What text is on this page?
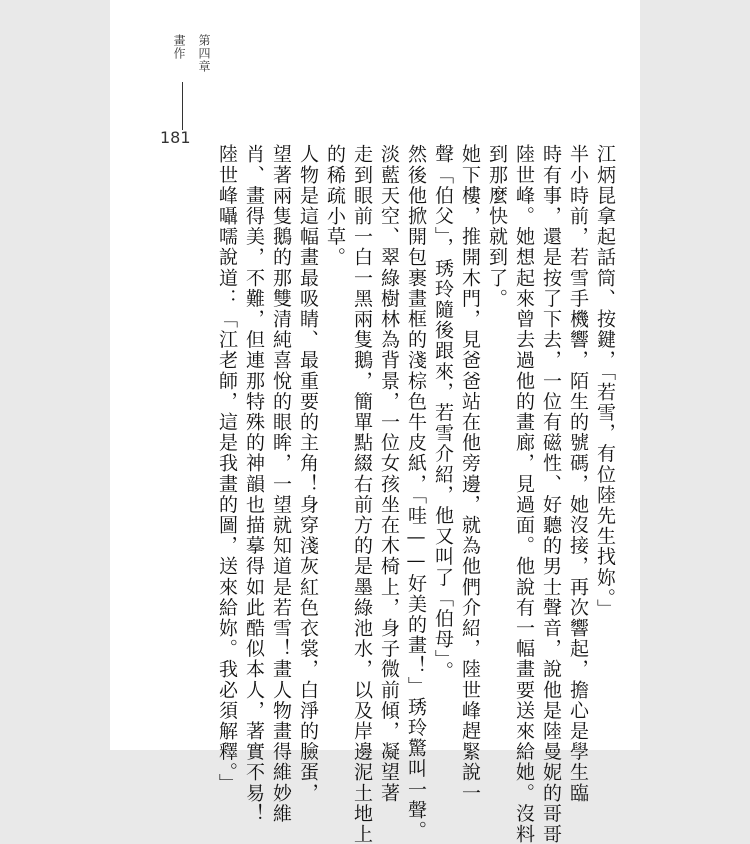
第四章
畫作
181
江炳昆拿起話筒、按鍵，「若雪，有位陸先生找妳。」
半小時前，若雪手機響，陌生的號碼，她沒接，再次響起，擔心是學生臨
時有事，還是按了下去，一位有磁性、好聽的男士聲音，說他是陸曼妮的哥哥
陸世峰。她想起來曾去過他的畫廊，見過面。他說有一幅畫要送來給她。沒料
到那麼快就到了。
她下樓，推開木門，見爸爸站在他旁邊，就為他們介紹，陸世峰趕緊說一
聲「伯父」，琇玲隨後跟來，若雪介紹，他又叫了「伯母」。
然後他掀開包裹畫框的淺棕色牛皮紙，「哇——好美的畫！」琇玲驚叫一聲。
淡藍天空、翠綠樹林為背景，一位女孩坐在木椅上，身子微前傾，凝望著
走到眼前一白一黑兩隻鵝，簡單點綴右前方的是墨綠池水，以及岸邊泥土地上
的稀疏小草。
人物是這幅畫最吸睛、最重要的主角！身穿淺灰紅色衣裳，白淨的臉蛋，
望著兩隻鵝的那雙清純喜悅的眼眸，一望就知道是若雪！畫人物畫得維妙維
肖、畫得美，不難，但連那特殊的神韻也描摹得如此酷似本人，著實不易！
陸世峰囁嚅說道：「江老師，這是我畫的圖，送來給妳。我必須解釋。」
